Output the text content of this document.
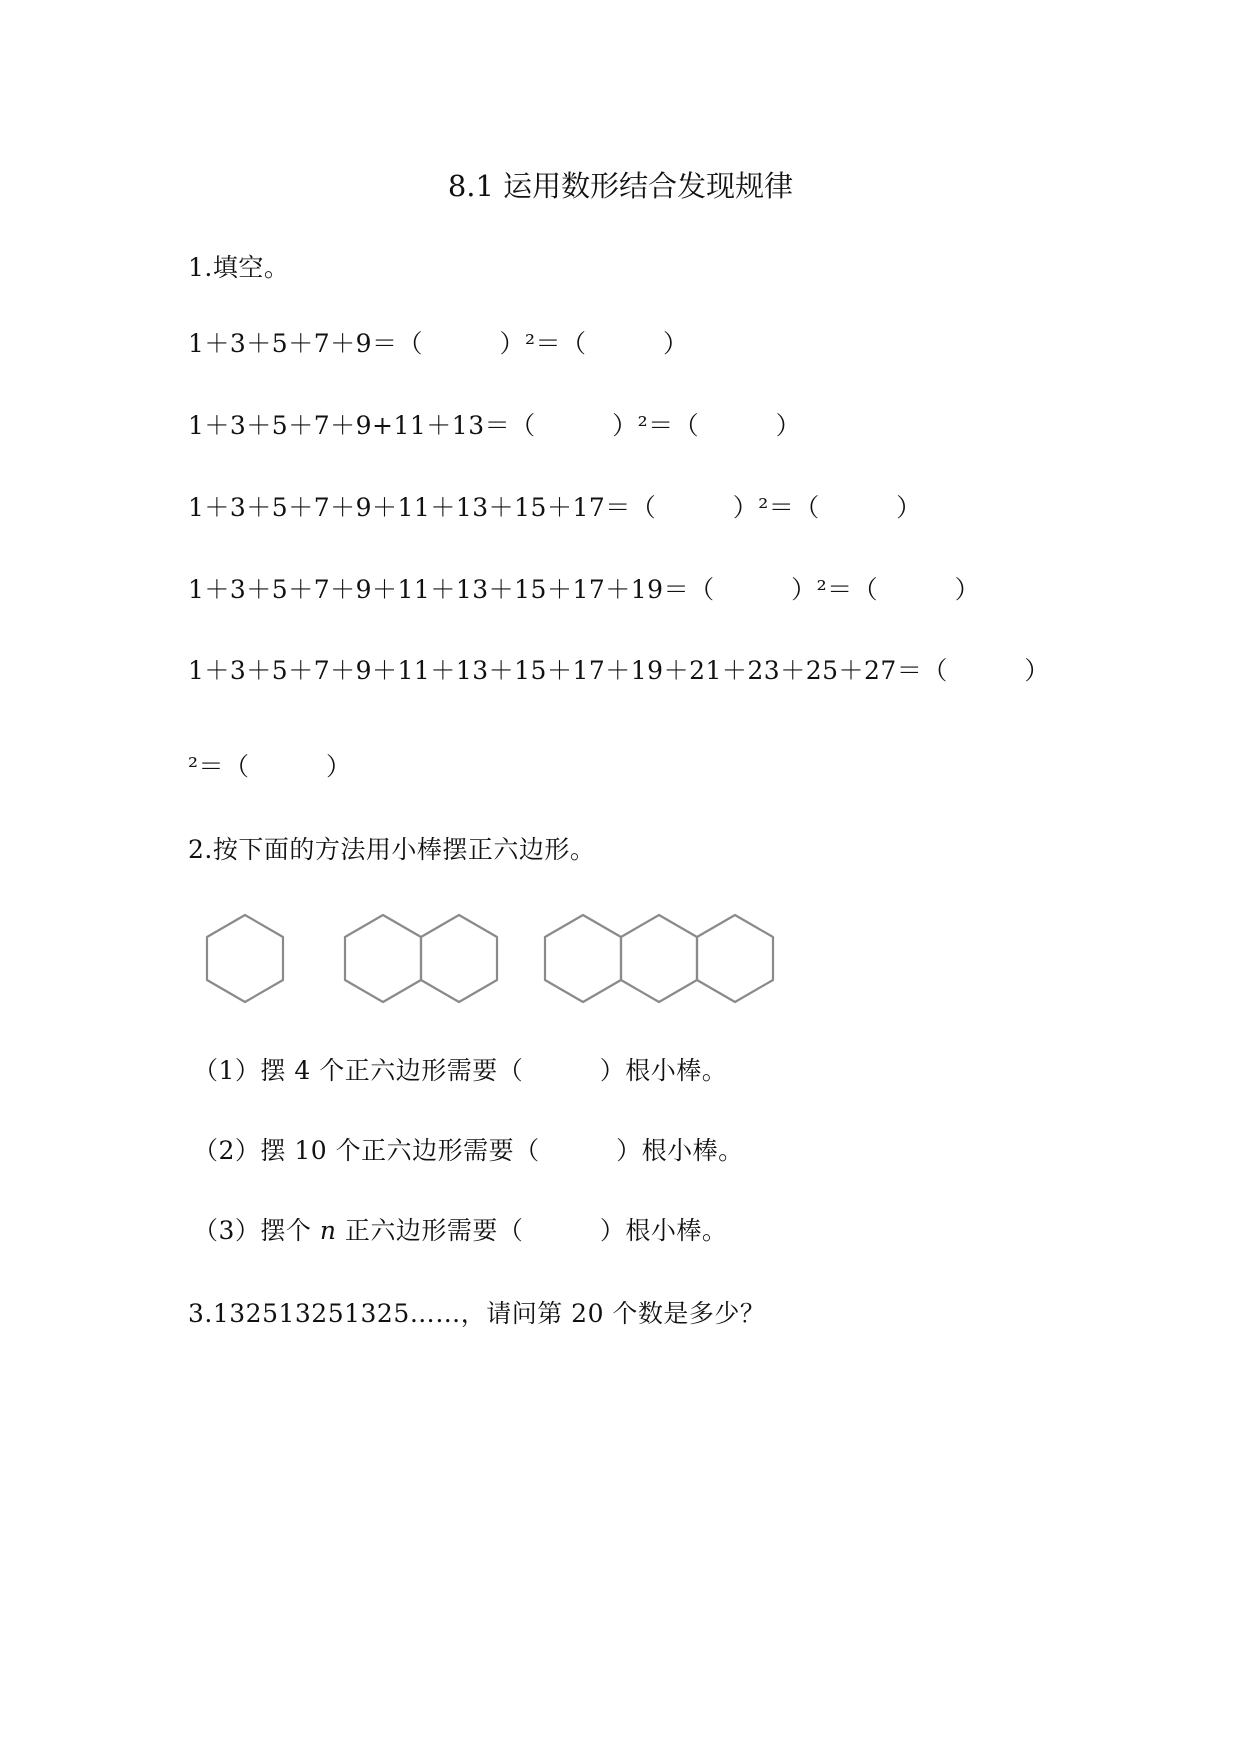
8.1 运用数形结合发现规律
1.填空。
1＋3＋5＋7＋9＝（　　　）²＝（　　　）
1＋3＋5＋7＋9+11＋13＝（　　　）²＝（　　　）
1＋3＋5＋7＋9＋11＋13＋15＋17＝（　　　）²＝（　　　）
1＋3＋5＋7＋9＋11＋13＋15＋17＋19＝（　　　）²＝（　　　）
1＋3＋5＋7＋9＋11＋13＋15＋17＋19＋21＋23＋25＋27＝（　　　）
²＝（　　　）
2.按下面的方法用小棒摆正六边形。
（1）摆 4 个正六边形需要（　　　）根小棒。
（2）摆 10 个正六边形需要（　　　）根小棒。
（3）摆个 n 正六边形需要（　　　）根小棒。
3.132513251325……，请问第 20 个数是多少？
